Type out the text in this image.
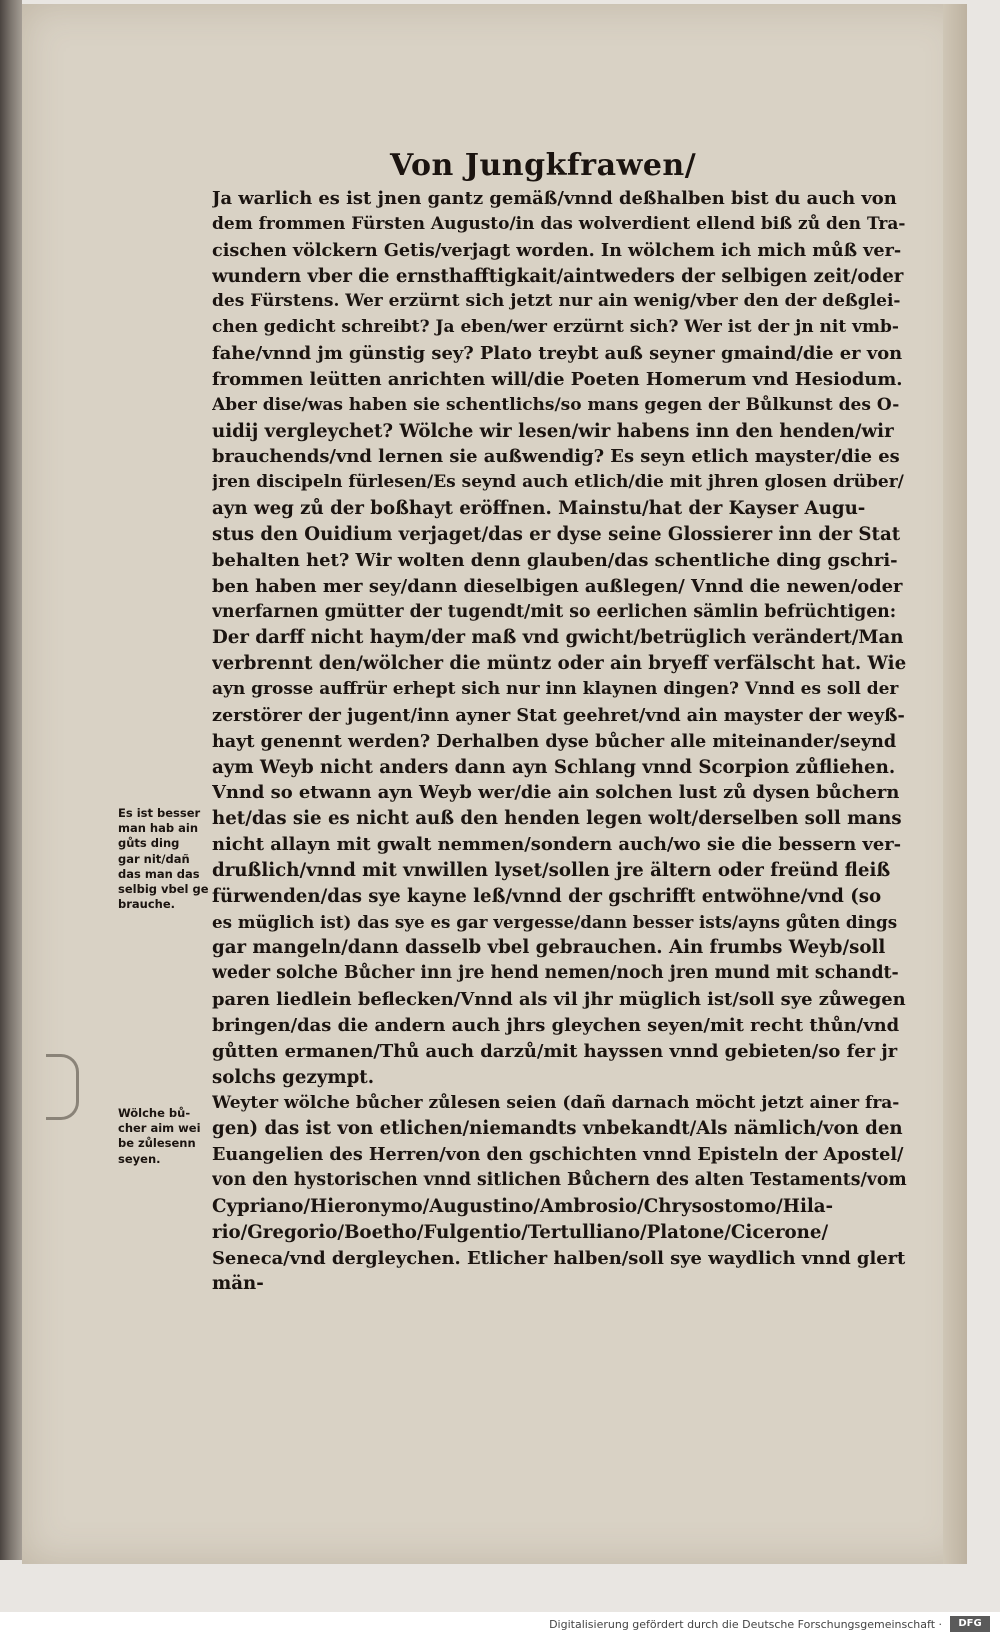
Von Jungkfrawen/
Ja warlich es ist jnen gantz gemäß/vnnd deßhalben bist du auch von
dem frommen Fürsten Augusto/in das wolverdient ellend biß zů den Tra-
cischen völckern Getis/verjagt worden. In wölchem ich mich můß ver-
wundern vber die ernsthafftigkait/aintweders der selbigen zeit/oder
des Fürstens. Wer erzürnt sich jetzt nur ain wenig/vber den der deßglei-
chen gedicht schreibt? Ja eben/wer erzürnt sich? Wer ist der jn nit vmb-
fahe/vnnd jm günstig sey? Plato treybt auß seyner gmaind/die er von
frommen leütten anrichten will/die Poeten Homerum vnd Hesiodum.
Aber dise/was haben sie schentlichs/so mans gegen der Bůlkunst des O-
uidij vergleychet? Wölche wir lesen/wir habens inn den henden/wir
brauchends/vnd lernen sie außwendig? Es seyn etlich mayster/die es
jren discipeln fürlesen/Es seynd auch etlich/die mit jhren glosen drüber/
ayn weg zů der boßhayt eröffnen. Mainstu/hat der Kayser Augu-
stus den Ouidium verjaget/das er dyse seine Glossierer inn der Stat
behalten het? Wir wolten denn glauben/das schentliche ding gschri-
ben haben mer sey/dann dieselbigen außlegen/ Vnnd die newen/oder
vnerfarnen gmütter der tugendt/mit so eerlichen sämlin befrüchtigen:
Der darff nicht haym/der maß vnd gwicht/betrüglich verändert/Man
verbrennt den/wölcher die müntz oder ain bryeff verfälscht hat. Wie
ayn grosse auffrür erhept sich nur inn klaynen dingen? Vnnd es soll der
zerstörer der jugent/inn ayner Stat geehret/vnd ain mayster der weyß-
hayt genennt werden? Derhalben dyse bůcher alle miteinander/seynd
aym Weyb nicht anders dann ayn Schlang vnnd Scorpion zůfliehen.
Vnnd so etwann ayn Weyb wer/die ain solchen lust zů dysen bůchern
het/das sie es nicht auß den henden legen wolt/derselben soll mans
nicht allayn mit gwalt nemmen/sondern auch/wo sie die bessern ver-
drußlich/vnnd mit vnwillen lyset/sollen jre ältern oder freünd fleiß
fürwenden/das sye kayne leß/vnnd der gschrifft entwöhne/vnd (so
es müglich ist) das sye es gar vergesse/dann besser ists/ayns gůten dings
gar mangeln/dann dasselb vbel gebrauchen. Ain frumbs Weyb/soll
weder solche Bůcher inn jre hend nemen/noch jren mund mit schandt-
paren liedlein beflecken/Vnnd als vil jhr müglich ist/soll sye zůwegen
bringen/das die andern auch jhrs gleychen seyen/mit recht thůn/vnd
gůtten ermanen/Thů auch darzů/mit hayssen vnnd gebieten/so fer jr
solchs gezympt.
Weyter wölche bůcher zůlesen seien (dañ darnach möcht jetzt ainer fra-
gen) das ist von etlichen/niemandts vnbekandt/Als nämlich/von den
Euangelien des Herren/von den gschichten vnnd Episteln der Apostel/
von den hystorischen vnnd sitlichen Bůchern des alten Testaments/vom
Cypriano/Hieronymo/Augustino/Ambrosio/Chrysostomo/Hila-
rio/Gregorio/Boetho/Fulgentio/Tertulliano/Platone/Cicerone/
Seneca/vnd dergleychen. Etlicher halben/soll sye waydlich vnnd glert
män-
Es ist besser
man hab ain
gůts ding
gar nit/dañ
das man das
selbig vbel ge
brauche.
Wölche bů-
cher aim wei
be zůlesenn
seyen.
Digitalisierung gefördert durch die Deutsche Forschungsgemeinschaft ·	DFG
